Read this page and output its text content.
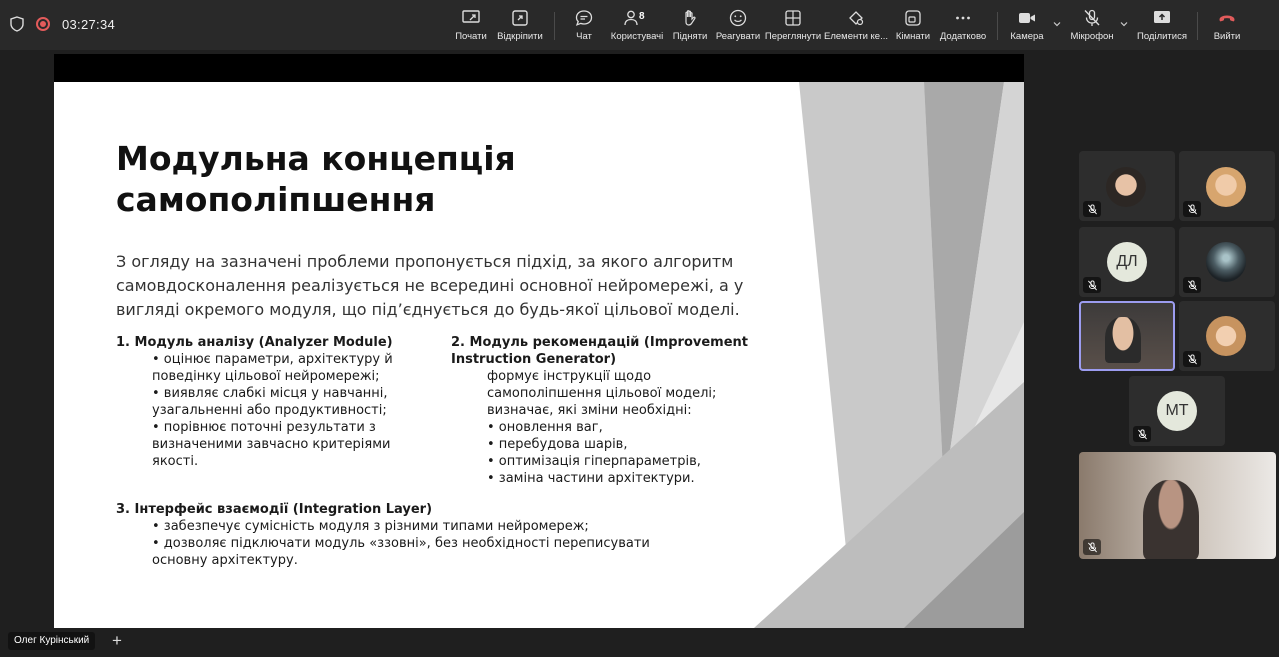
03:27:34
Почати Відкріпити	Чат
8
Користувачі Підняти Реагувати Переглянути Елементи ке... Кімнати Додатково	Камера	Мікрофон Поділитися	Вийти
Модульна концепція
самополіпшення
З огляду на зазначені проблеми пропонується підхід, за якого алгоритм самовдосконалення реалізується не всередині основної нейромережі, а у вигляді окремого модуля, що під’єднується до будь-якої цільової моделі.
1. Модуль аналізу (Analyzer Module)
• оцінює параметри, архітектуру й
поведінку цільової нейромережі;
• виявляє слабкі місця у навчанні,
узагальненні або продуктивності;
• порівнює поточні результати з
визначеними завчасно критеріями
якості.
2. Модуль рекомендацій (Improvement Instruction Generator)
формує інструкції щодо
самополіпшення цільової моделі;
визначає, які зміни необхідні:
• оновлення ваг,
• перебудова шарів,
• оптимізація гіперпараметрів,
• заміна частини архітектури.
3. Інтерфейс взаємодії (Integration Layer)
• забезпечує сумісність модуля з різними типами нейромереж;
• дозволяє підключати модуль «ззовні», без необхідності переписувати
основну архітектуру.
ДЛ
МТ
Олег Курінський	+
